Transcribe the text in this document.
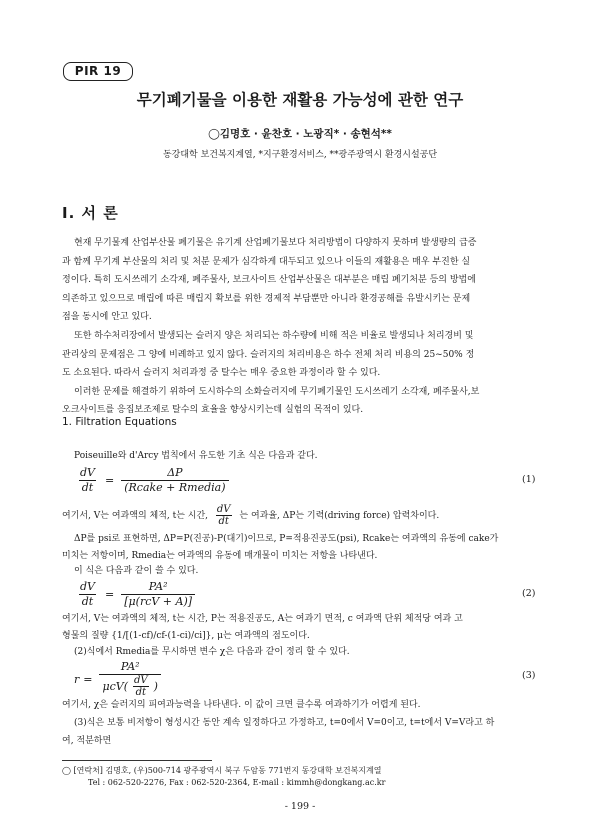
PIR 19
무기폐기물을 이용한 재활용 가능성에 관한 연구
◯김명호 · 윤찬호 · 노광직* · 송현석**
동강대학 보건복지계열, *지구환경서비스, **광주광역시 환경시설공단
Ⅰ. 서 론
현재 무기물계 산업부산물 폐기물은 유기계 산업폐기물보다 처리방법이 다양하지 못하며 발생량의 급증
과 함께 무기계 부산물의 처리 및 처분 문제가 심각하게 대두되고 있으나 이들의 재활용은 매우 부진한 실
정이다. 특히 도시쓰레기 소각재, 폐주물사, 보크사이트 산업부산물은 대부분은 매립 폐기처분 등의 방법에
의존하고 있으므로 매립에 따른 매립지 확보를 위한 경제적 부담뿐만 아니라 환경공해를 유발시키는 문제
점을 동시에 안고 있다.
또한 하수처리장에서 발생되는 슬러지 양은 처리되는 하수량에 비해 적은 비율로 발생되나 처리경비 및
관리상의 문제점은 그 양에 비례하고 있지 않다. 슬러지의 처리비용은 하수 전체 처리 비용의 25~50% 정
도 소요된다. 따라서 슬러지 처리과정 중 탈수는 매우 중요한 과정이라 할 수 있다.
이러한 문제를 해결하기 위하여 도시하수의 소화슬러지에 무기폐기물인 도시쓰레기 소각재, 폐주물사,보
오크사이트를 응집보조제로 탈수의 효율을 향상시키는데 실험의 목적이 있다.
1. Filtration Equations
Poiseuille와 d'Arcy 법칙에서 유도한 기초 식은 다음과 같다.
$\frac{dV}{dt} = \frac{\Delta P}{\text{(Rcake + Rmedia)}}$	(1)
여기서, V는 여과액의 체적, t는 시간, $\frac{dV}{dt}$ 는 여과율, ΔP는 기력(driving force) 압력차이다.
ΔP를 psi로 표현하면, ΔP=P(진공)-P(대기)이므로, P=적용진공도(psi), Rcake는 여과액의 유동에 cake가
미치는 저항이며, Rmedia는 여과액의 유동에 매개물이 미치는 저항을 나타낸다.
이 식은 다음과 같이 쓸 수 있다.
$\frac{dV}{dt} = \frac{\text{PA²}}{\text{[μ(rcV + A)]}}$	(2)
여기서, V는 여과액의 체적, t는 시간, P는 적용진공도, A는 여과기 면적, c 여과액 단위 체적당 여과 고
형물의 질량 {1/[(1-cf)/cf-(1-ci)/ci]}, μ는 여과액의 점도이다.
(2)식에서 Rmedia를 무시하면 변수 χ은 다음과 같이 정리 할 수 있다.
$r = \frac{\text{PA²}}{\mu cV( \frac{dV}{dt} )}$	(3)
여기서, χ은 슬러지의 피여과능력을 나타낸다. 이 값이 크면 클수록 여과하기가 어렵게 된다.
(3)식은 보통 비저항이 형성시간 동안 계속 일정하다고 가정하고, t=0에서 V=0이고, t=t에서 V=V라고 하
여, 적분하면
◯ [연락처] 김명호, (우)500-714 광주광역시 북구 두암동 771번지 동강대학 보건복지계열
Tel : 062-520-2276, Fax : 062-520-2364, E-mail : kimmh@dongkang.ac.kr
- 199 -
